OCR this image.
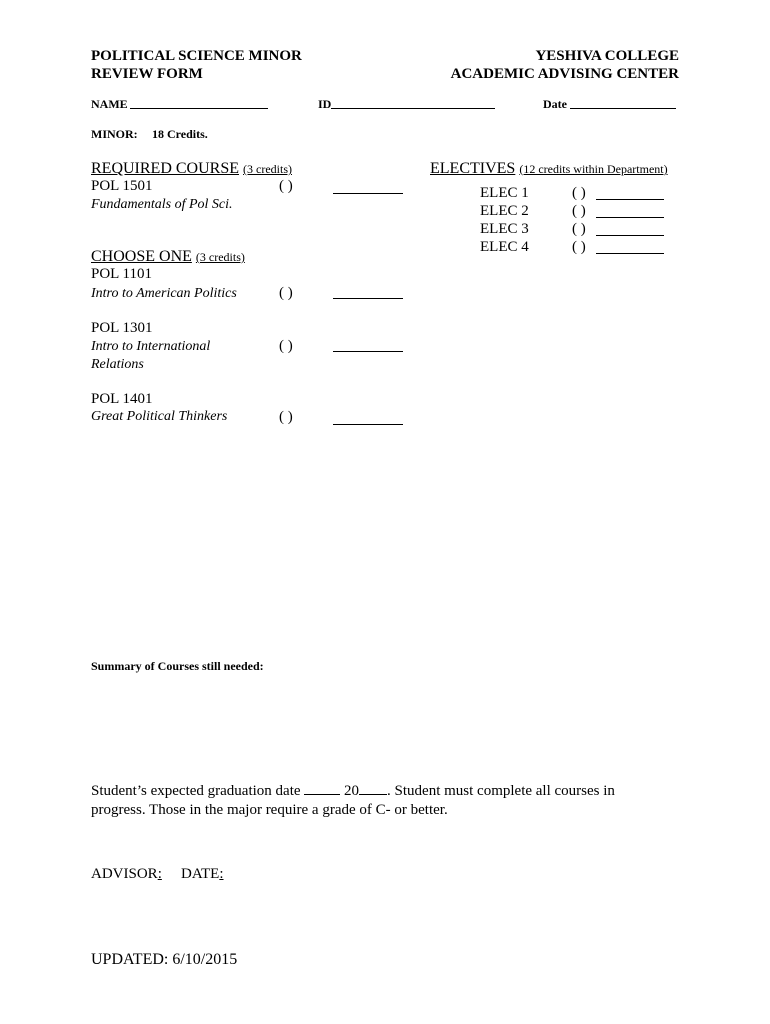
POLITICAL SCIENCE MINOR
REVIEW FORM
YESHIVA COLLEGE
ACADEMIC ADVISING CENTER
NAME	ID	Date
MINOR: 18 Credits.
REQUIRED COURSE (3 credits)
POL 1501
Fundamentals of Pol Sci.
( )
CHOOSE ONE (3 credits)
POL 1101
Intro to American Politics	( )
POL 1301
Intro to International
Relations
( )
POL 1401
Great Political Thinkers	( )
ELECTIVES (12 credits within Department)
ELEC 1	( )
ELEC 2	( )
ELEC 3	( )
ELEC 4	( )
Summary of Courses still needed:
Student’s expected graduation date	20 . Student must complete all courses in
progress. Those in the major require a grade of C- or better.
ADVISOR: DATE:
UPDATED: 6/10/2015
